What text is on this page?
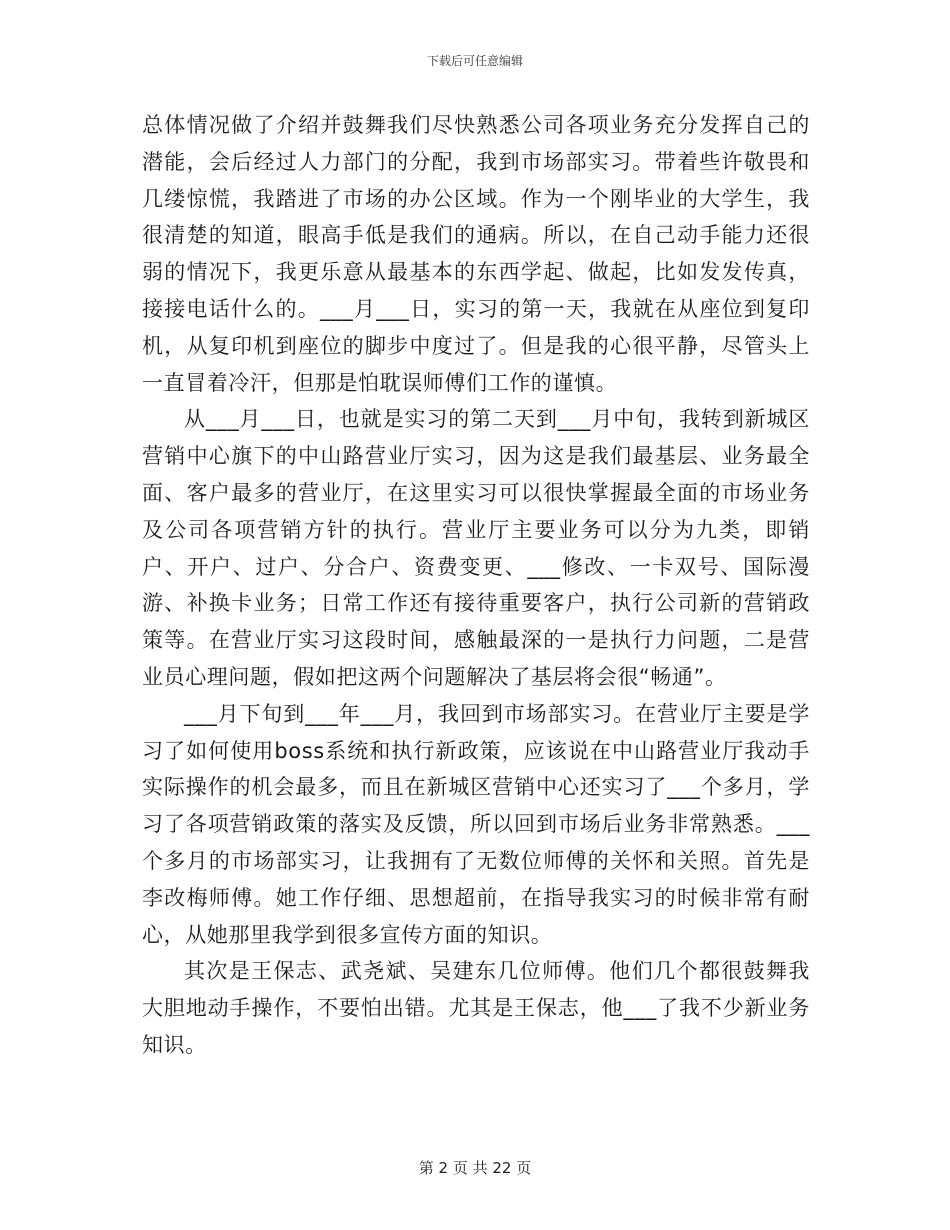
下载后可任意编辑

总体情况做了介绍并鼓舞我们尽快熟悉公司各项业务充分发挥自己的潜能，会后经过人力部门的分配，我到市场部实习。带着些许敬畏和几缕惊慌，我踏进了市场的办公区域。作为一个刚毕业的大学生，我很清楚的知道，眼高手低是我们的通病。所以，在自己动手能力还很弱的情况下，我更乐意从最基本的东西学起、做起，比如发发传真，接接电话什么的。___月___日，实习的第一天，我就在从座位到复印机，从复印机到座位的脚步中度过了。但是我的心很平静，尽管头上一直冒着冷汗，但那是怕耽误师傅们工作的谨慎。

从___月___日，也就是实习的第二天到___月中旬，我转到新城区营销中心旗下的中山路营业厅实习，因为这是我们最基层、业务最全面、客户最多的营业厅，在这里实习可以很快掌握最全面的市场业务及公司各项营销方针的执行。营业厅主要业务可以分为九类，即销户、开户、过户、分合户、资费变更、___修改、一卡双号、国际漫游、补换卡业务；日常工作还有接待重要客户，执行公司新的营销政策等。在营业厅实习这段时间，感触最深的一是执行力问题，二是营业员心理问题，假如把这两个问题解决了基层将会很“畅通”。

___月下旬到___年___月，我回到市场部实习。在营业厅主要是学习了如何使用boss系统和执行新政策，应该说在中山路营业厅我动手实际操作的机会最多，而且在新城区营销中心还实习了___个多月，学习了各项营销政策的落实及反馈，所以回到市场后业务非常熟悉。___个多月的市场部实习，让我拥有了无数位师傅的关怀和关照。首先是李改梅师傅。她工作仔细、思想超前，在指导我实习的时候非常有耐心，从她那里我学到很多宣传方面的知识。

其次是王保志、武尧斌、吴建东几位师傅。他们几个都很鼓舞我大胆地动手操作，不要怕出错。尤其是王保志，他___了我不少新业务知识。

第 2 页 共 22 页
